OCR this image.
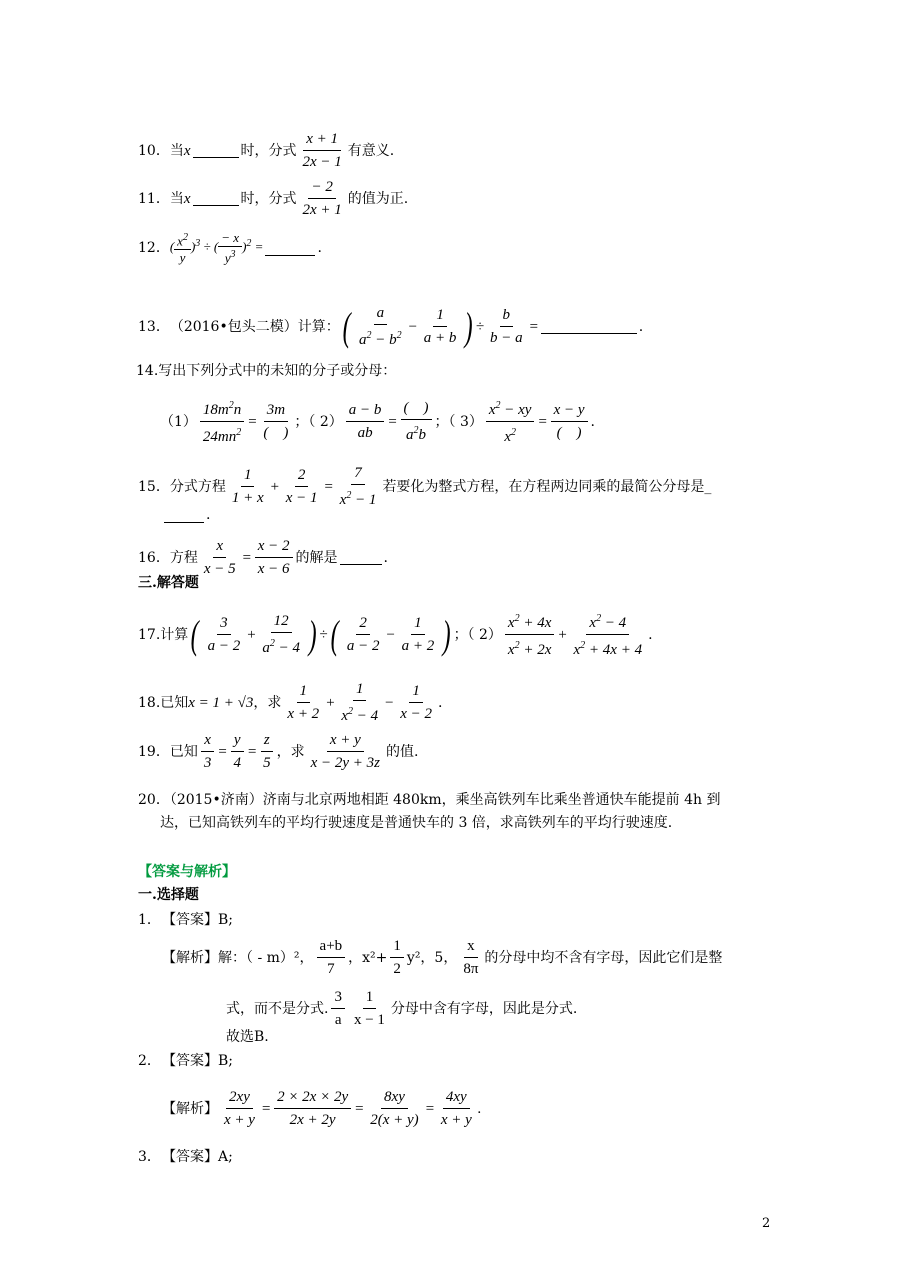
10． 当 x	时，分式 $\frac{x + 1}{2x - 1}$ 有意义.
11． 当 x	时，分式 $\frac{- 2}{2x + 1}$ 的值为正.
12． ( $\frac{x^2}{y} )^3$ ÷ ( $\frac{- x}{y^3} )^2$ =	.
13． （2016•包头二模）计算： ( a
$a^2 - b^2$
−
1
a + b ) ÷
b
b − a
=	.
14.写出下列分式中的未知的分子或分母：
（1）
$18m^2n$
$24mn^2$
=
3m
(    )
；（ 2）
a − b
ab
=
(    )
$a^2b$
；（ 3）
$x^2$ − xy
$x^2$
=
x − y
(    )
.
15． 分式方程
1
1 + x
+
2
x − 1
=
7
$x^2 - 1$
若要化为整式方程，在方程两边同乘的最简公分母是_
.
16． 方程
x
x − 5
=
x − 2
x − 6
的解是	.
三.解答题
17. 计算 ( 3
a − 2
+
12
$a^2 - 4$ ) ÷ ( 2
a − 2
−
1
a + 2 ) ；（ 2）
$x^2 + 4x$
$x^2 + 2x$
+
$x^2 - 4$
$x^2 + 4x + 4$
.
18. 已知 x = 1 + √3 ，求
1
x + 2
+
1
$x^2 - 4$
−
1
x − 2
.
19． 已知
x
3
=
y
4
=
z
5
，求
x + y
x − 2y + 3z
的值.
20．（2015•济南）济南与北京两地相距 480km，乘坐高铁列车比乘坐普通快车能提前 4h 到
达，已知高铁列车的平均行驶速度是普通快车的 3 倍，求高铁列车的平均行驶速度.
【答案与解析】
一.选择题
1． 【答案】B;
【解析】解：（ - m）²，
a+b
7
，$x^2+ \frac{1}{2} y^2$，5，
x
8π
的分母中均不含有字母，因此它们是整
式，而不是分式.
3
a
1
x − 1
分母中含有字母，因此是分式.
故选B.
2． 【答案】B;
【解析】
2xy
x + y
=
2 × 2x × 2y
2x + 2y
=
8xy
2(x + y)
=
4xy
x + y
.
3． 【答案】A;
2
